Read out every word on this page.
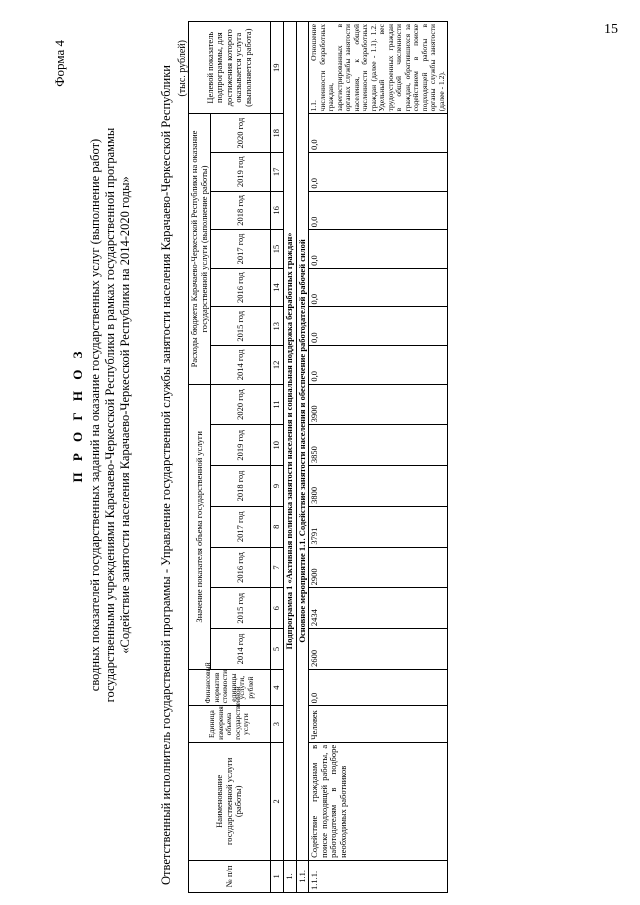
15
Форма 4
П Р О Г Н О З сводных показателей государственных заданий на оказание государственных услуг (выполнение работ) государственными учреждениями Карачаево-Черкесской Республики в рамках государственной программы «Содействие занятости населения Карачаево-Черкесской Республики на 2014-2020 годы» Ответственный исполнитель государственной программы - Управление государственной службы занятости населения Карачаево-Черкесской Республики (тыс. рублей)
№ п/п	Наименование государственной услуги (работы)	Единица измерения объема государственной услуги	Финансовый норматив стоимости единицы услуги, рублей	Значение показателя объема государственной услуги							Расходы бюджета Карачаево-Черкесской Республики на оказание государственной услуги (выполнение работы)							Целевой показатель подпрограммы, для достижения которого оказывается услуга (выполняется работа)
				2014 год	2015 год	2016 год	2017 год	2018 год	2019 год	2020 год	2014 год	2015 год	2016 год	2017 год	2018 год	2019 год	2020 год	
1	2	3	4	5	6	7	8	9	10	11	12	13	14	15	16	17	18	19
1.	Подпрограмма 1 «Активная политика занятости населения и социальная поддержка безработных граждан»																	
1.1.	Основное мероприятие 1.1. Содействие занятости населения и обеспечение работодателей рабочей силой																	
1.1.1.	Содействие гражданам в поиске подходящей работы, а работодателям в подборе необходимых работников	Человек	0,0	2600	2434	2900	3791	3800	3850	3900	0,0	0,0	0,0	0,0	0,0	0,0	0,0	1.1. Отношение численности безработных граждан, зарегистрированных в органах службы занятости населения, к общей численности безработных граждан (далее - 1.1). 1.2. Удельный вес трудоустроенных граждан в общей численности граждан, обратившихся за содействием в поиске подходящей работы в органы службы занятости (далее - 1.2).
